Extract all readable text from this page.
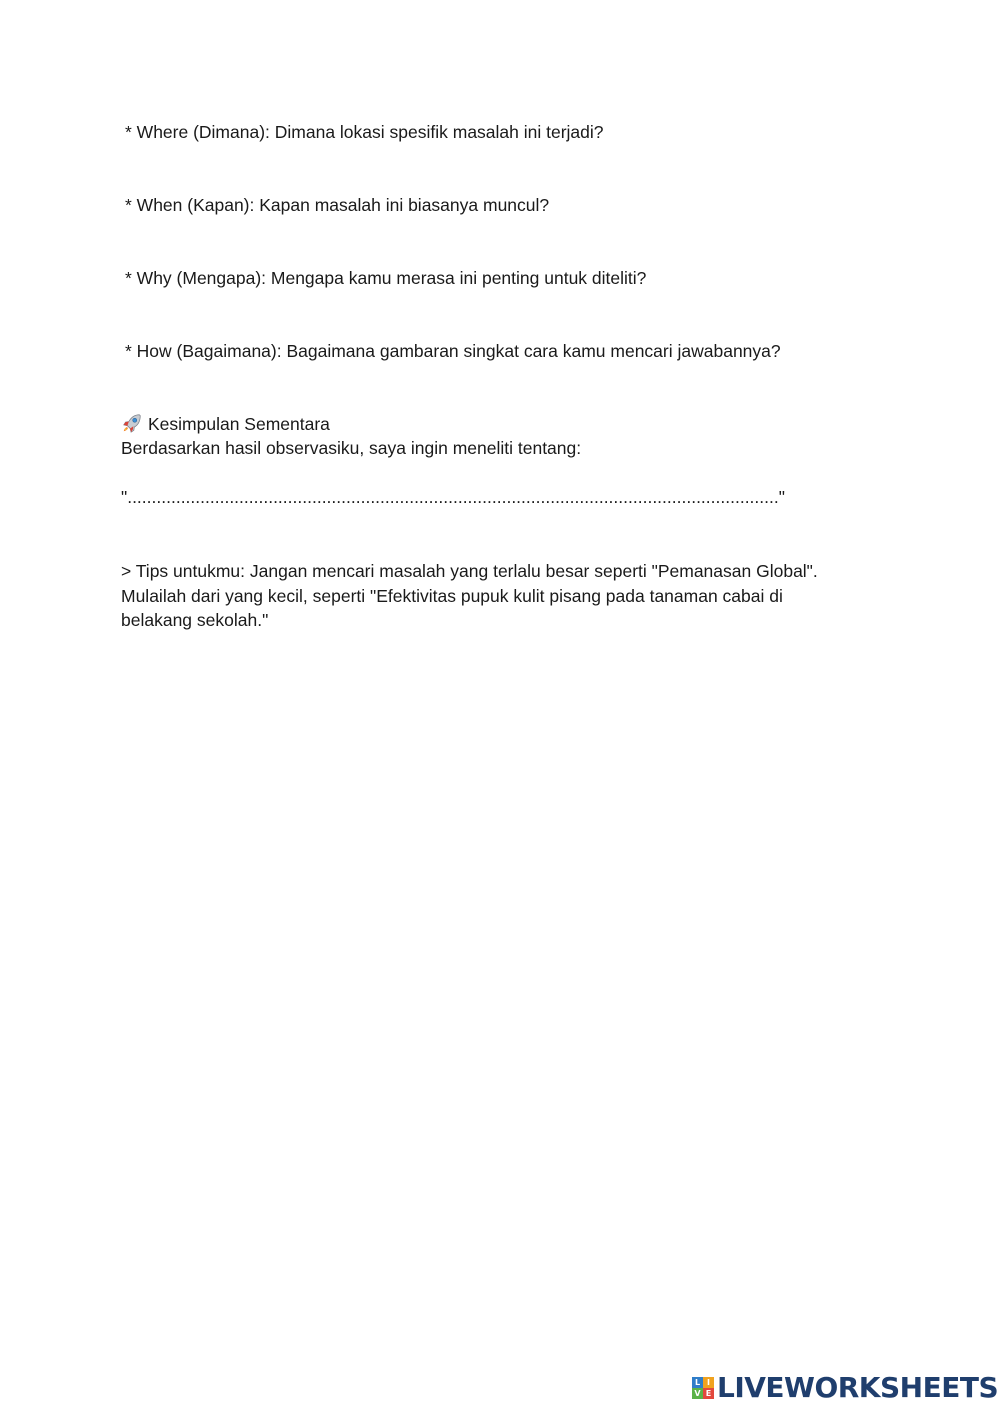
* Where (Dimana): Dimana lokasi spesifik masalah ini terjadi?
* When (Kapan): Kapan masalah ini biasanya muncul?
* Why (Mengapa): Mengapa kamu merasa ini penting untuk diteliti?
* How (Bagaimana): Bagaimana gambaran singkat cara kamu mencari jawabannya?
Kesimpulan Sementara
Berdasarkan hasil observasiku, saya ingin meneliti tentang:
"......................................................................................................................................"

> Tips untukmu: Jangan mencari masalah yang terlalu besar seperti "Pemanasan Global".

Mulailah dari yang kecil, seperti "Efektivitas pupuk kulit pisang pada tanaman cabai di

belakang sekolah."

L I
V E LIVEWORKSHEETS
